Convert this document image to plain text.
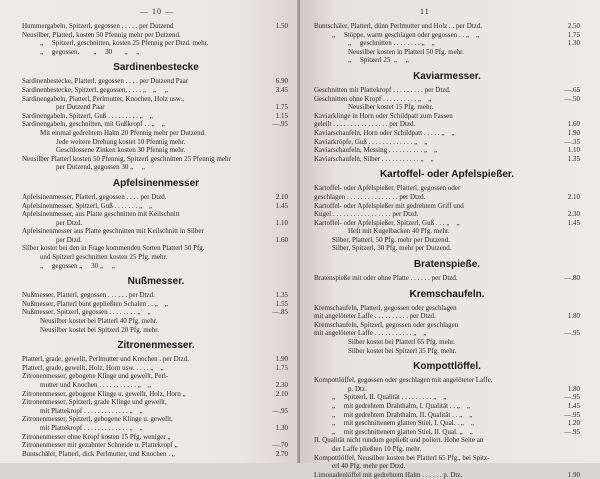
— 10 —
Hummergabeln, Spitzerl, gegossen . . . . . per Dutzend	1.50
Neusilber, Platterl, kosten 50 Pfennig mehr per Dutzend.
„     Spitzerl, geschnitten, kosten 25 Pfennig per Dtzd. mehr.
„     gegossen,        „     30       „     „
Sardinenbestecke
Sardinenbestecke, Platterl, gegossen . . . . per Dutzend Paar	6.90
Sardinenbestecke, Spitzerl, gegossen, . . . . „    „     „	3.45
Sardinengabeln, Platterl, Perlmutter, Knochen, Holz usw.,
per Dutzend Paar	1.75
Sardinengabeln, Spitzerl, Guß . . . . . . . . . „    „	1.15
Sardinengabeln, geschnitten, mit Gußkropf . . „    „	—.95
Mit einmal gedrehtem Halm 20 Pfennig mehr per Dutzend.
Jede weitere Drehung kostet 10 Pfennig mehr.
Geschlossene Zinken kosten 30 Pfennig mehr.
Neusilber Platterl kosten 50 Pfennig, Spitzerl geschnitten 25 Pfennig mehr
per Dutzend, gegossen 30 „     „
Apfelsinenmesser
Apfelsinenmesser, Platterl, gegossen . . . . per Dtzd.	2.10
Apfelsinenmesser, Spitzerl, Guß . . . . . . . „    „	1.45
Apfelsinenmesser, aus Platte geschnitten mit Keilschnitt
per Dtzd.	1.10
Apfelsinenmesser aus Platte geschnitten mit Keilschnitt in Silber
per Dtzd.	1.60
Silber kostet bei den in Frage kommenden Sorten Platterl 50 Pfg.
und Spitzerl geschnitten kosten 25 Pfg. mehr.
„     gegossen „     30 „     „
Nußmesser.
Nußmesser, Platterl, gegossen . . . . . . per Dtzd.	1.35
Nußmesser, Platterl bunt gepließten Schalen . . „    „	1.55
Nußmesser, Spitzerl, gegossen . . . . . . . . „    „	—.85
Neusilber kostet bei Platterl 40 Pfg. mehr.
Neusilber kostet bei Spitzerl 20 Pfg. mehr.
Zitronenmesser.
Platterl, grade, gewellt, Perlmutter und Knochen . per Dtzd.	1.90
Platterl, grade, gewellt, Holz, Horn usw. . . . . „    „	1.75
Zitronenmesser, gebogene Klinge und gewellt, Perl-
mutter und Knochen . . . . . . . . . . . „    „	2.30
Zitronenmesser, gebogene Klinge u. gewellt, Holz, Horn „	2.10
Zitronenmesser, Spitzerl, grade Klinge und gewellt,
mit Plattekropf . . . . . . . . . . . . . „    „	—.95
Zitronenmesser, Spitzerl, gebogene Klinge u. gewellt,
mit Plattekropf . . . . . . . . . . . . . „    „	1.30
Zitronenmesser ohne Kropf kosten 15 Pfg. weniger „
Zitronenmesser mit gezahnter Schneide u. Plattekropf „	—.70
Buntschäler, Platterl, dick Perlmutter, und Knochen . „	2.70
11
Buntschäler, Platterl, dünn Perlmutter und Holz . . per Dtzd.	2.50
„     Stöppe, warm geschlagen oder gegossen . . „    „	1.75
„     geschnitten . . . . . . . . „    „	1.30
Neusilber kosten in Platterl 50 Pfg. mehr.
„     Spitzerl 25  „     „
Kaviarmesser.
Geschnitten mit Plattekropf . . . . . . . . . per Dtzd.	—.65
Geschnitten ohne Kropf . . . . . . . . . . „    „	—.50
Neusilber kostet 15 Pfg. mehr.
Kaviarklinge in Horn oder Schildpatt zum Fassen
geleilt . . . . . . . . . . . . . . . . per Dtzd.	1.60
Kaviarschaufeln, Horn oder Schildpatt . . . . . „    „	1.90
Kaviarkröpfe, Guß . . . . . . . . . . . . . „    „	—.35
Kaviarschaufeln, Messing . . . . . . . . . . „    „	1.10
Kaviarschaufeln, Silber . . . . . . . . . . . „    „	1.35
Kartoffel- oder Apfelspießer.
Kartoffel- oder Apfelspießer, Platterl, gegossen oder
geschlagen . . . . . . . . . . . . . . . per Dtzd.	2.10
Kartoffel- oder Apfelspießer mit gedrehtem Griff und
Kugel . . . . . . . . . . . . . . . . . per Dtzd.	2.30
Kartoffel- oder Apfelspießer, Spitzerl, Guß . . . „    „	1.45
Heft mit Kugelbacken 40 Pfg. mehr.
Silber, Platterl, 50 Pfg. mehr per Dutzend.
Silber, Spitzerl, 30 Pfg. mehr per Dutzend.
Bratenspieße.
Bratenspieße mit oder ohne Platte . . . . . . per Dtzd.	—.80
Kremschaufeln.
Kremschaufeln, Platterl, gegossen oder geschlagen
mit angelöteter Laffe . . . . . . . . . . per Dtzd.	1.80
Kremschaufeln, Spitzerl, gegossen oder geschlagen
mit angelöteter Laffe . . . . . . . . . . . „    „	—.95
Silber kostet bei Platterl 65 Pfg. mehr.
Silber kostet bei Spitzerl 35 Pfg. mehr.
Kompottlöffel.
Kompottlöffel, gegossen oder geschlagen mit angelöteter Laffe,
p. Dtz.	1.80
„     Spitzerl, II. Qualität . . . . . . . . . „    „	—.95
„     mit gedrehtem Drahthalm, I. Qualität . . „    „	1.45
„     mit gedrehtem Drahthalm, II. Qualität . . „    „	—.95
„     mit geschnittenem glatten Stiel, I. Qual. . „    „	1.20
„     mit geschnittenem glatten Stiel, II. Qual. „    „	—.95
II. Qualität nicht rundum gepließt und poliert. Hohe Seite an
der Laffe pließten 10 Pfg. mehr.
Kompottlöffel, Neusilber kosten bei Platterl 65 Pfg., bei Spitz-
erl 40 Pfg. mehr per Dtzd.
Limonadenlöffel mit gedrehtem Halm . . . . . . p. Dtz.	1.90
